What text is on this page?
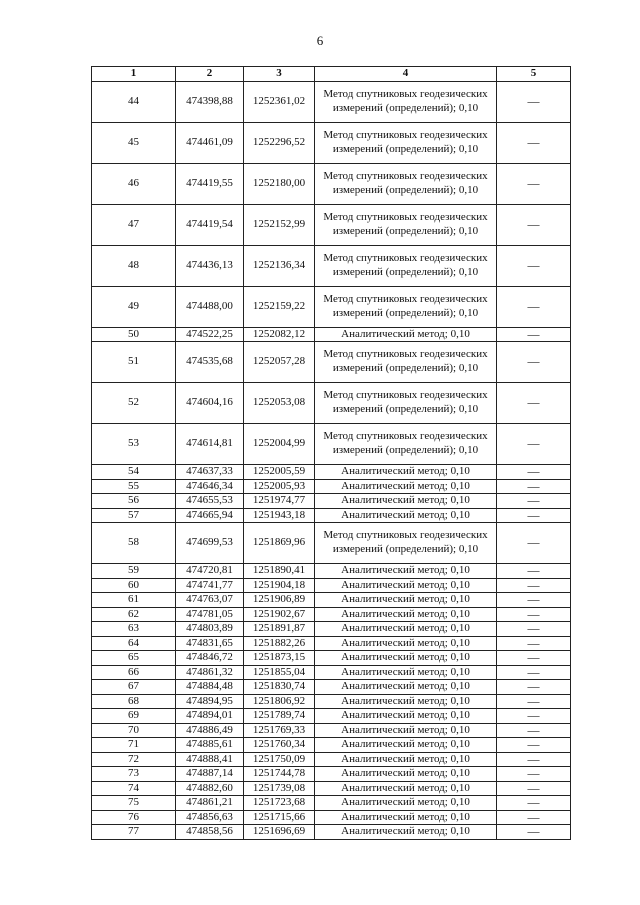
6
1	2	3	4	5
44	474398,88	1252361,02	Метод спутниковых геодезических измерений (определений); 0,10	—
45	474461,09	1252296,52	Метод спутниковых геодезических измерений (определений); 0,10	—
46	474419,55	1252180,00	Метод спутниковых геодезических измерений (определений); 0,10	—
47	474419,54	1252152,99	Метод спутниковых геодезических измерений (определений); 0,10	—
48	474436,13	1252136,34	Метод спутниковых геодезических измерений (определений); 0,10	—
49	474488,00	1252159,22	Метод спутниковых геодезических измерений (определений); 0,10	—
50	474522,25	1252082,12	Аналитический метод; 0,10	—
51	474535,68	1252057,28	Метод спутниковых геодезических измерений (определений); 0,10	—
52	474604,16	1252053,08	Метод спутниковых геодезических измерений (определений); 0,10	—
53	474614,81	1252004,99	Метод спутниковых геодезических измерений (определений); 0,10	—
54	474637,33	1252005,59	Аналитический метод; 0,10	—
55	474646,34	1252005,93	Аналитический метод; 0,10	—
56	474655,53	1251974,77	Аналитический метод; 0,10	—
57	474665,94	1251943,18	Аналитический метод; 0,10	—
58	474699,53	1251869,96	Метод спутниковых геодезических измерений (определений); 0,10	—
59	474720,81	1251890,41	Аналитический метод; 0,10	—
60	474741,77	1251904,18	Аналитический метод; 0,10	—
61	474763,07	1251906,89	Аналитический метод; 0,10	—
62	474781,05	1251902,67	Аналитический метод; 0,10	—
63	474803,89	1251891,87	Аналитический метод; 0,10	—
64	474831,65	1251882,26	Аналитический метод; 0,10	—
65	474846,72	1251873,15	Аналитический метод; 0,10	—
66	474861,32	1251855,04	Аналитический метод; 0,10	—
67	474884,48	1251830,74	Аналитический метод; 0,10	—
68	474894,95	1251806,92	Аналитический метод; 0,10	—
69	474894,01	1251789,74	Аналитический метод; 0,10	—
70	474886,49	1251769,33	Аналитический метод; 0,10	—
71	474885,61	1251760,34	Аналитический метод; 0,10	—
72	474888,41	1251750,09	Аналитический метод; 0,10	—
73	474887,14	1251744,78	Аналитический метод; 0,10	—
74	474882,60	1251739,08	Аналитический метод; 0,10	—
75	474861,21	1251723,68	Аналитический метод; 0,10	—
76	474856,63	1251715,66	Аналитический метод; 0,10	—
77	474858,56	1251696,69	Аналитический метод; 0,10	—
